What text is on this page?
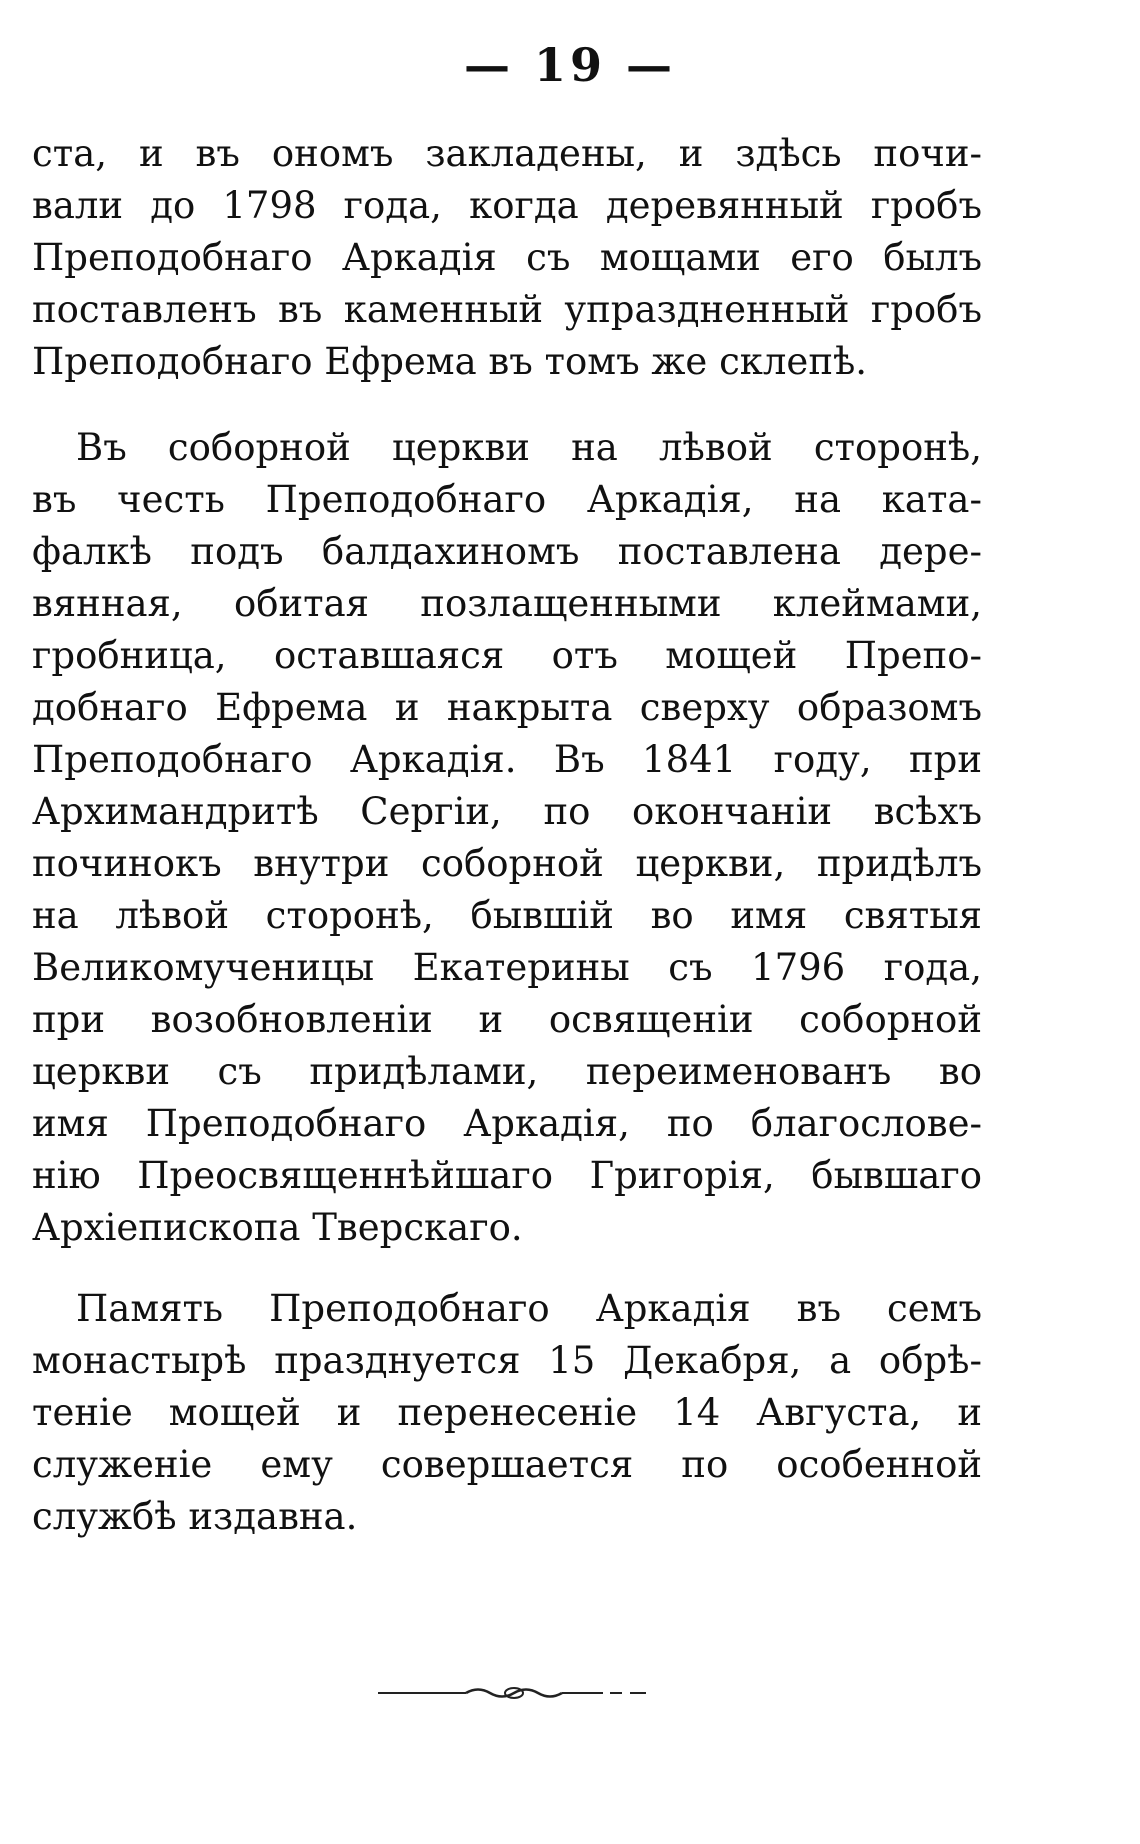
— 19 —
ста, и въ ономъ закладены, и здѣсь почи-
вали до 1798 года, когда деревянный гробъ
Преподобнаго Аркадія съ мощами его былъ
поставленъ въ каменный упраздненный гробъ
Преподобнаго Ефрема въ томъ же склепѣ.
Въ соборной церкви на лѣвой сторонѣ,
въ честь Преподобнаго Аркадія, на ката-
фалкѣ подъ балдахиномъ поставлена дере-
вянная, обитая позлащенными клеймами,
гробница, оставшаяся отъ мощей Препо-
добнаго Ефрема и накрыта сверху образомъ
Преподобнаго Аркадія. Въ 1841 году, при
Архимандритѣ Сергіи, по окончаніи всѣхъ
починокъ внутри соборной церкви, придѣлъ
на лѣвой сторонѣ, бывшій во имя святыя
Великомученицы Екатерины съ 1796 года,
при возобновленіи и освященіи соборной
церкви съ придѣлами, переименованъ во
имя Преподобнаго Аркадія, по благослове-
нію Преосвященнѣйшаго Григорія, бывшаго
Архіепископа Тверскаго.
Память Преподобнаго Аркадія въ семъ
монастырѣ празднуется 15 Декабря, а обрѣ-
теніе мощей и перенесеніе 14 Августа, и
служеніе ему совершается по особенной
службѣ издавна.
